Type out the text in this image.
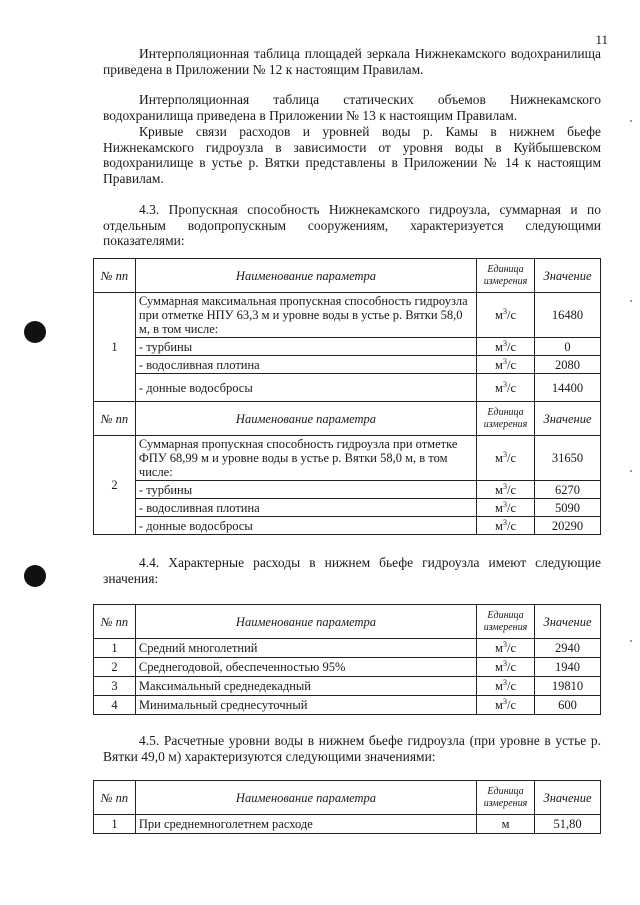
11

Интерполяционная таблица площадей зеркала Нижнекамского водохранилища приведена в Приложении № 12 к настоящим Правилам.

Интерполяционная таблица статических объемов Нижнекамского водохранилища приведена в Приложении № 13 к настоящим Правилам.

Кривые связи расходов и уровней воды р. Камы в нижнем бьефе Нижнекамского гидроузла в зависимости от уровня воды в Куйбышевском водохранилище в устье р. Вятки представлены в Приложении № 14 к настоящим Правилам.

4.3. Пропускная способность Нижнекамского гидроузла, суммарная и по отдельным водопропускным сооружениям, характеризуется следующими показателями:

№ пп	Наименование параметра	Единица измерения	Значение
1	Суммарная максимальная пропускная способность гидроузла при отметке НПУ 63,3 м и уровне воды в устье р. Вятки 58,0 м, в том числе:	$м^3/с$	16480
	- турбины	$м^3/с$	0
	- водосливная плотина	$м^3/с$	2080
	- донные водосбросы	$м^3/с$	14400
№ пп	Наименование параметра	Единица измерения	Значение
2	Суммарная пропускная способность гидроузла при отметке ФПУ 68,99 м и уровне воды в устье р. Вятки 58,0 м, в том числе:	$м^3/с$	31650
	- турбины	$м^3/с$	6270
	- водосливная плотина	$м^3/с$	5090
	- донные водосбросы	$м^3/с$	20290

4.4. Характерные расходы в нижнем бьефе гидроузла имеют следующие значения:

№ пп	Наименование параметра	Единица измерения	Значение
1	Средний многолетний	$м^3/с$	2940
2	Среднегодовой, обеспеченностью 95%	$м^3/с$	1940
3	Максимальный среднедекадный	$м^3/с$	19810
4	Минимальный среднесуточный	$м^3/с$	600

4.5. Расчетные уровни воды в нижнем бьефе гидроузла (при уровне в устье р. Вятки 49,0 м) характеризуются следующими значениями:

№ пп	Наименование параметра	Единица измерения	Значение
1	При среднемноголетнем расходе	м	51,80
